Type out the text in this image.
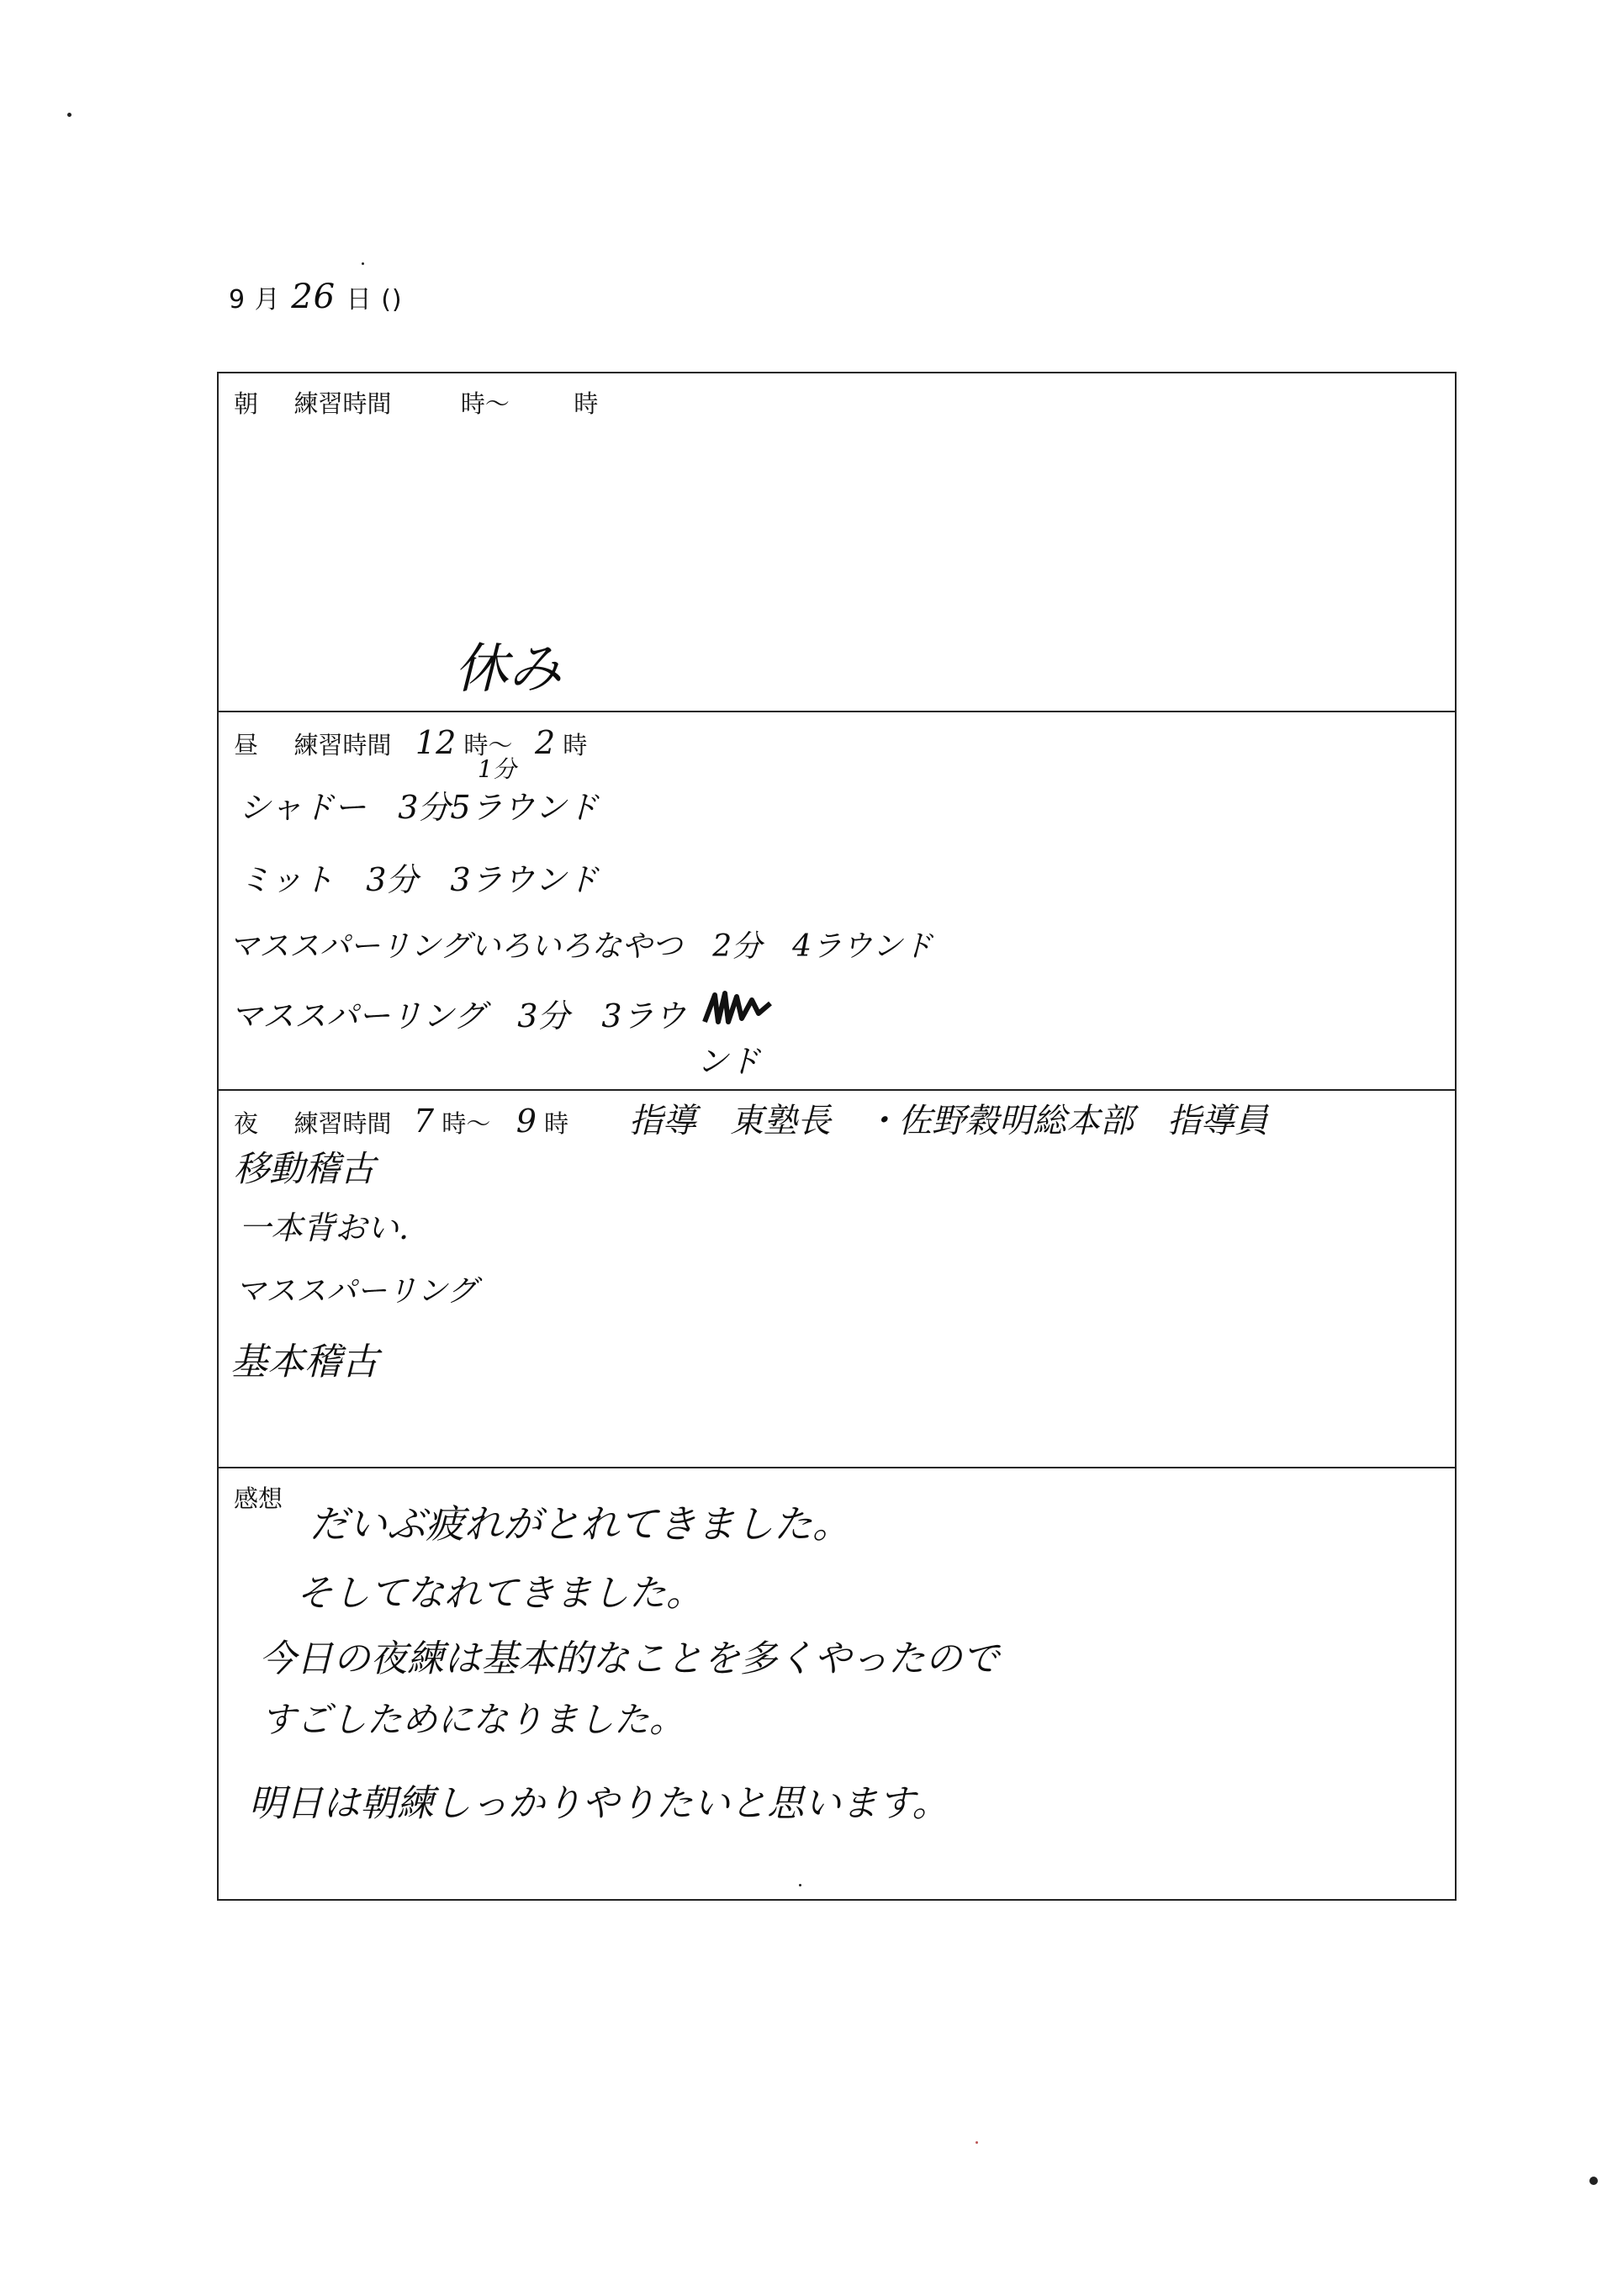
9 月 26 日 ()
朝 練習時間	時〜	時
休み
昼 練習時間 12 時〜 2 時
1分
シャドー　3分5ラウンド
ミット　3分　3ラウンド
マススパーリングいろいろなやつ　2分　4ラウンド
マススパーリング　3分　3ラウ
ンド
夜 練習時間 7 時〜 9 時 指導　東塾長　・佐野穀明総本部　指導員
移動稽古
一本背おい.
マススパーリング
基本稽古
感想
だいぶ疲れがとれてきました。
そしてなれてきました。
今日の夜練は基本的なことを多くやったので
すごしためになりました。
明日は朝練しっかりやりたいと思います。
